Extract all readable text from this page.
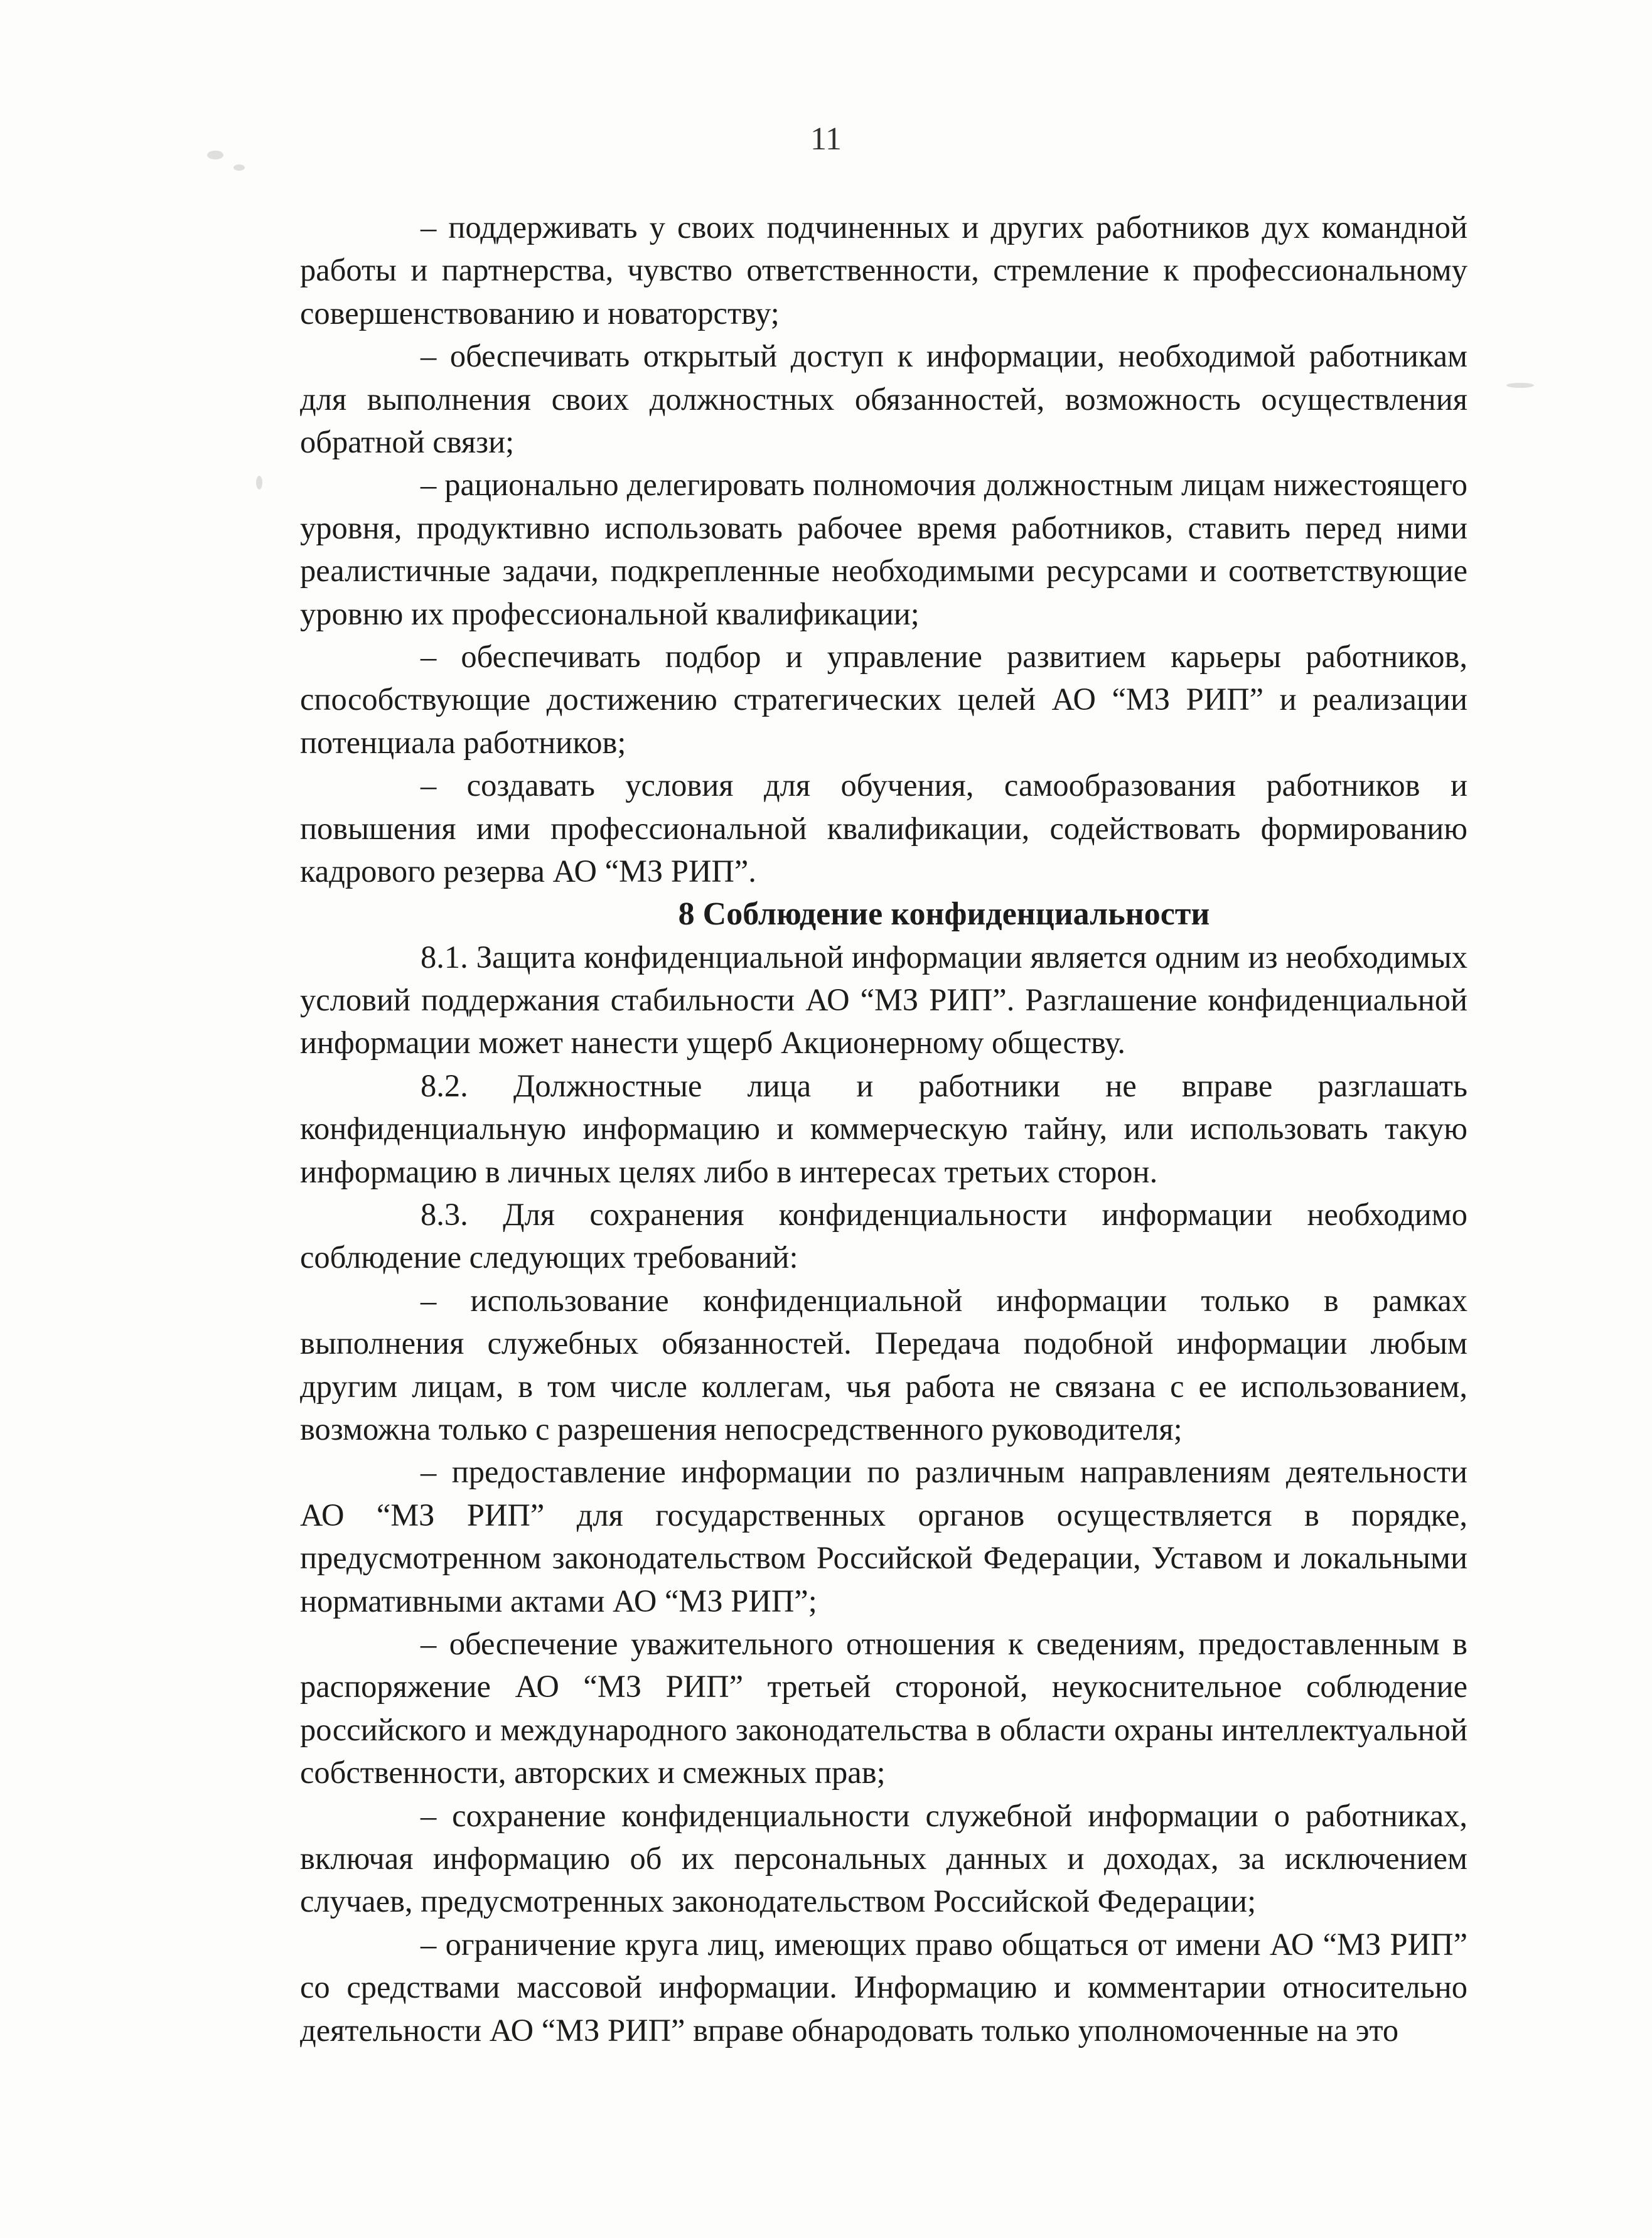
11

– поддерживать у своих подчиненных и других работников дух командной работы и партнерства, чувство ответственности, стремление к профессиональному совершенствованию и новаторству;

– обеспечивать открытый доступ к информации, необходимой работникам для выполнения своих должностных обязанностей, возможность осуществления обратной связи;

– рационально делегировать полномочия должностным лицам нижестоящего уровня, продуктивно использовать рабочее время работников, ставить перед ними реалистичные задачи, подкрепленные необходимыми ресурсами и соответствующие уровню их профессиональной квалификации;

– обеспечивать подбор и управление развитием карьеры работников, способствующие достижению стратегических целей АО “МЗ РИП” и реализации потенциала работников;

– создавать условия для обучения, самообразования работников и повышения ими профессиональной квалификации, содействовать формированию кадрового резерва АО “МЗ РИП”.

8 Соблюдение конфиденциальности

8.1. Защита конфиденциальной информации является одним из необходимых условий поддержания стабильности АО “МЗ РИП”. Разглашение конфиденциальной информации может нанести ущерб Акционерному обществу.

8.2. Должностные лица и работники не вправе разглашать конфиденциальную информацию и коммерческую тайну, или использовать такую информацию в личных целях либо в интересах третьих сторон.

8.3. Для сохранения конфиденциальности информации необходимо соблюдение следующих требований:

– использование конфиденциальной информации только в рамках выполнения служебных обязанностей. Передача подобной информации любым другим лицам, в том числе коллегам, чья работа не связана с ее использованием, возможна только с разрешения непосредственного руководителя;

– предоставление информации по различным направлениям деятельности АО “МЗ РИП” для государственных органов осуществляется в порядке, предусмотренном законодательством Российской Федерации, Уставом и локальными нормативными актами АО “МЗ РИП”;

– обеспечение уважительного отношения к сведениям, предоставленным в распоряжение АО “МЗ РИП” третьей стороной, неукоснительное соблюдение российского и международного законодательства в области охраны интеллектуальной собственности, авторских и смежных прав;

– сохранение конфиденциальности служебной информации о работниках, включая информацию об их персональных данных и доходах, за исключением случаев, предусмотренных законодательством Российской Федерации;

– ограничение круга лиц, имеющих право общаться от имени АО “МЗ РИП” со средствами массовой информации. Информацию и комментарии относительно деятельности АО “МЗ РИП” вправе обнародовать только уполномоченные на это
